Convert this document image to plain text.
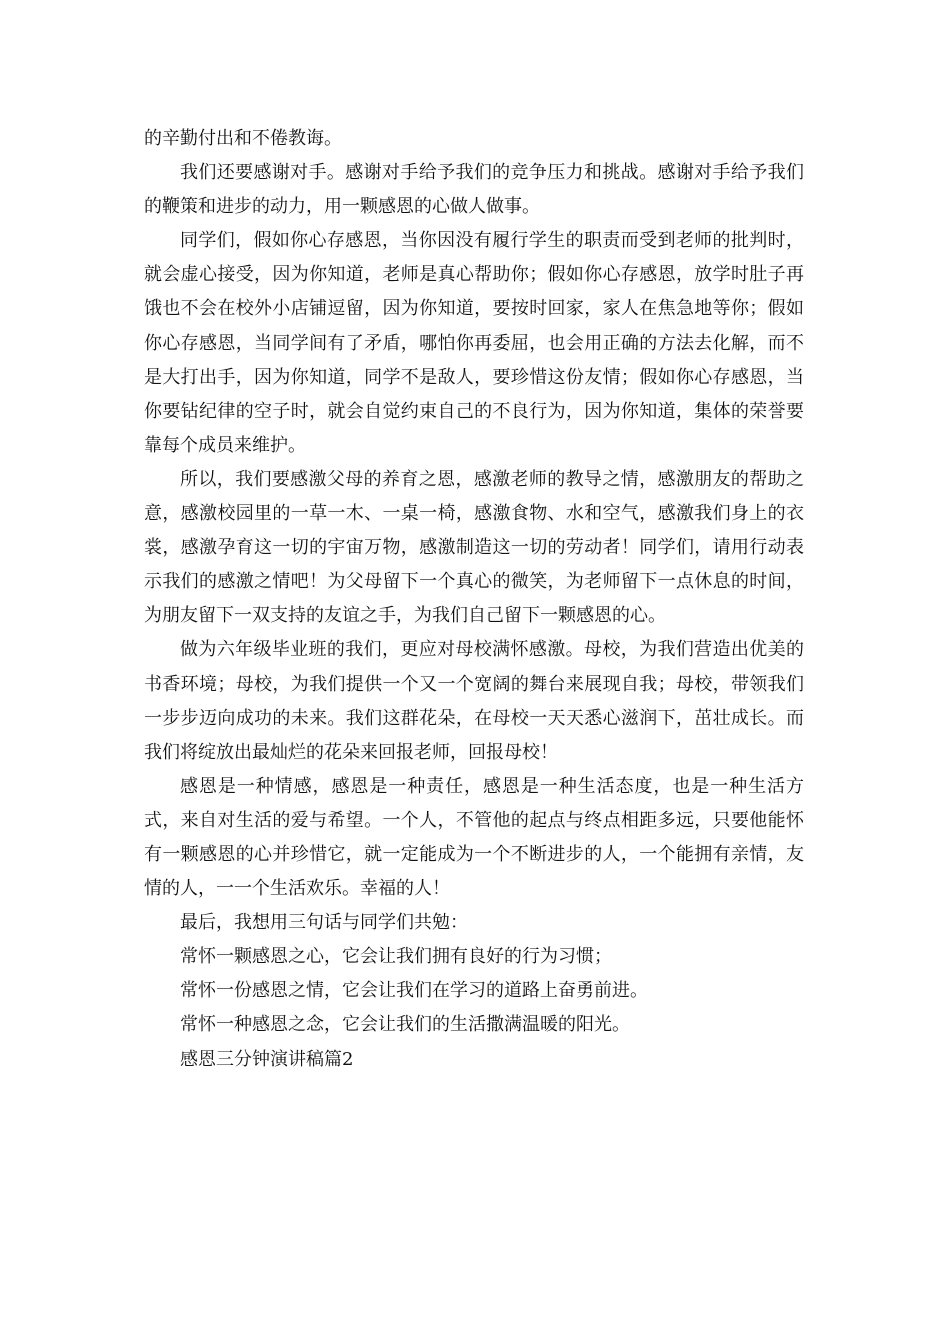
的辛勤付出和不倦教诲。

我们还要感谢对手。感谢对手给予我们的竞争压力和挑战。感谢对手给予我们的鞭策和进步的动力，用一颗感恩的心做人做事。

同学们，假如你心存感恩，当你因没有履行学生的职责而受到老师的批判时，就会虚心接受，因为你知道，老师是真心帮助你；假如你心存感恩，放学时肚子再饿也不会在校外小店铺逗留，因为你知道，要按时回家，家人在焦急地等你；假如你心存感恩，当同学间有了矛盾，哪怕你再委屈，也会用正确的方法去化解，而不是大打出手，因为你知道，同学不是敌人，要珍惜这份友情；假如你心存感恩，当你要钻纪律的空子时，就会自觉约束自己的不良行为，因为你知道，集体的荣誉要靠每个成员来维护。

所以，我们要感激父母的养育之恩，感激老师的教导之情，感激朋友的帮助之意，感激校园里的一草一木、一桌一椅，感激食物、水和空气，感激我们身上的衣裳，感激孕育这一切的宇宙万物，感激制造这一切的劳动者！同学们，请用行动表示我们的感激之情吧！为父母留下一个真心的微笑，为老师留下一点休息的时间，为朋友留下一双支持的友谊之手，为我们自己留下一颗感恩的心。

做为六年级毕业班的我们，更应对母校满怀感激。母校，为我们营造出优美的书香环境；母校，为我们提供一个又一个宽阔的舞台来展现自我；母校，带领我们一步步迈向成功的未来。我们这群花朵，在母校一天天悉心滋润下，茁壮成长。而我们将绽放出最灿烂的花朵来回报老师，回报母校！

感恩是一种情感，感恩是一种责任，感恩是一种生活态度，也是一种生活方式，来自对生活的爱与希望。一个人，不管他的起点与终点相距多远，只要他能怀有一颗感恩的心并珍惜它，就一定能成为一个不断进步的人，一个能拥有亲情，友情的人，一一个生活欢乐。幸福的人！

最后，我想用三句话与同学们共勉：

常怀一颗感恩之心，它会让我们拥有良好的行为习惯；

常怀一份感恩之情，它会让我们在学习的道路上奋勇前进。

常怀一种感恩之念，它会让我们的生活撒满温暖的阳光。

感恩三分钟演讲稿篇2
